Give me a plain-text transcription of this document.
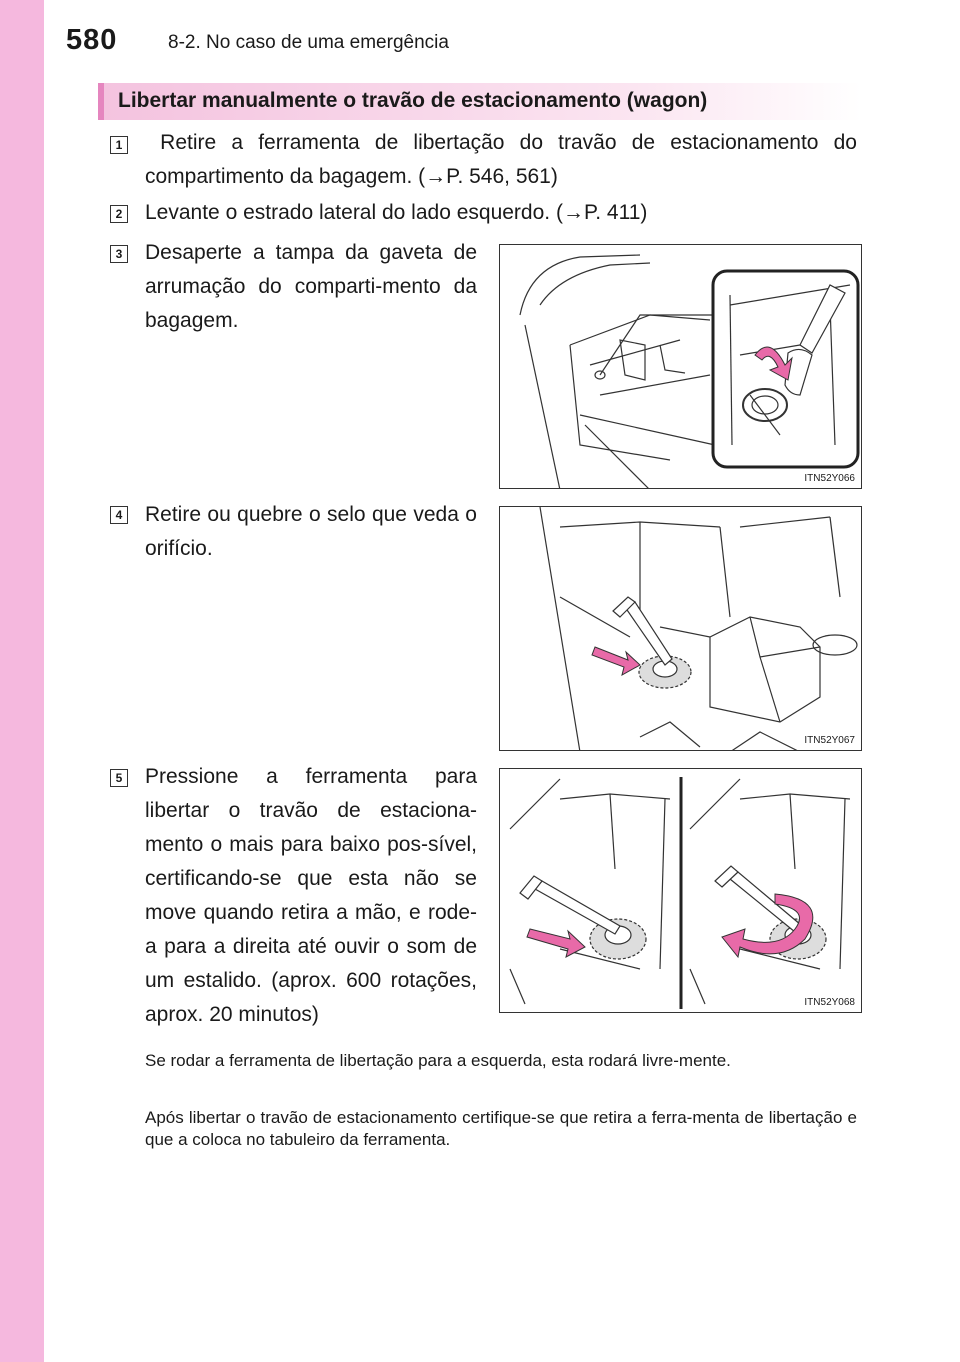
580	8-2. No caso de uma emergência
Libertar manualmente o travão de estacionamento (wagon)
1 Retire a ferramenta de libertação do travão de estacionamento do compartimento da bagagem. (→P. 546, 561)
2 Levante o estrado lateral do lado esquerdo. (→P. 411)
3 Desaperte a tampa da gaveta de arrumação do comparti-mento da bagagem.
ITN52Y066
4 Retire ou quebre o selo que veda o orifício.
ITN52Y067
5 Pressione a ferramenta para libertar o travão de estaciona-mento o mais para baixo pos-sível, certificando-se que esta não se move quando retira a mão, e rode-a para a direita até ouvir o som de um estalido. (aprox. 600 rotações, aprox. 20 minutos)
ITN52Y068
Se rodar a ferramenta de libertação para a esquerda, esta rodará livre-mente.
Após libertar o travão de estacionamento certifique-se que retira a ferra-menta de libertação e que a coloca no tabuleiro da ferramenta.
